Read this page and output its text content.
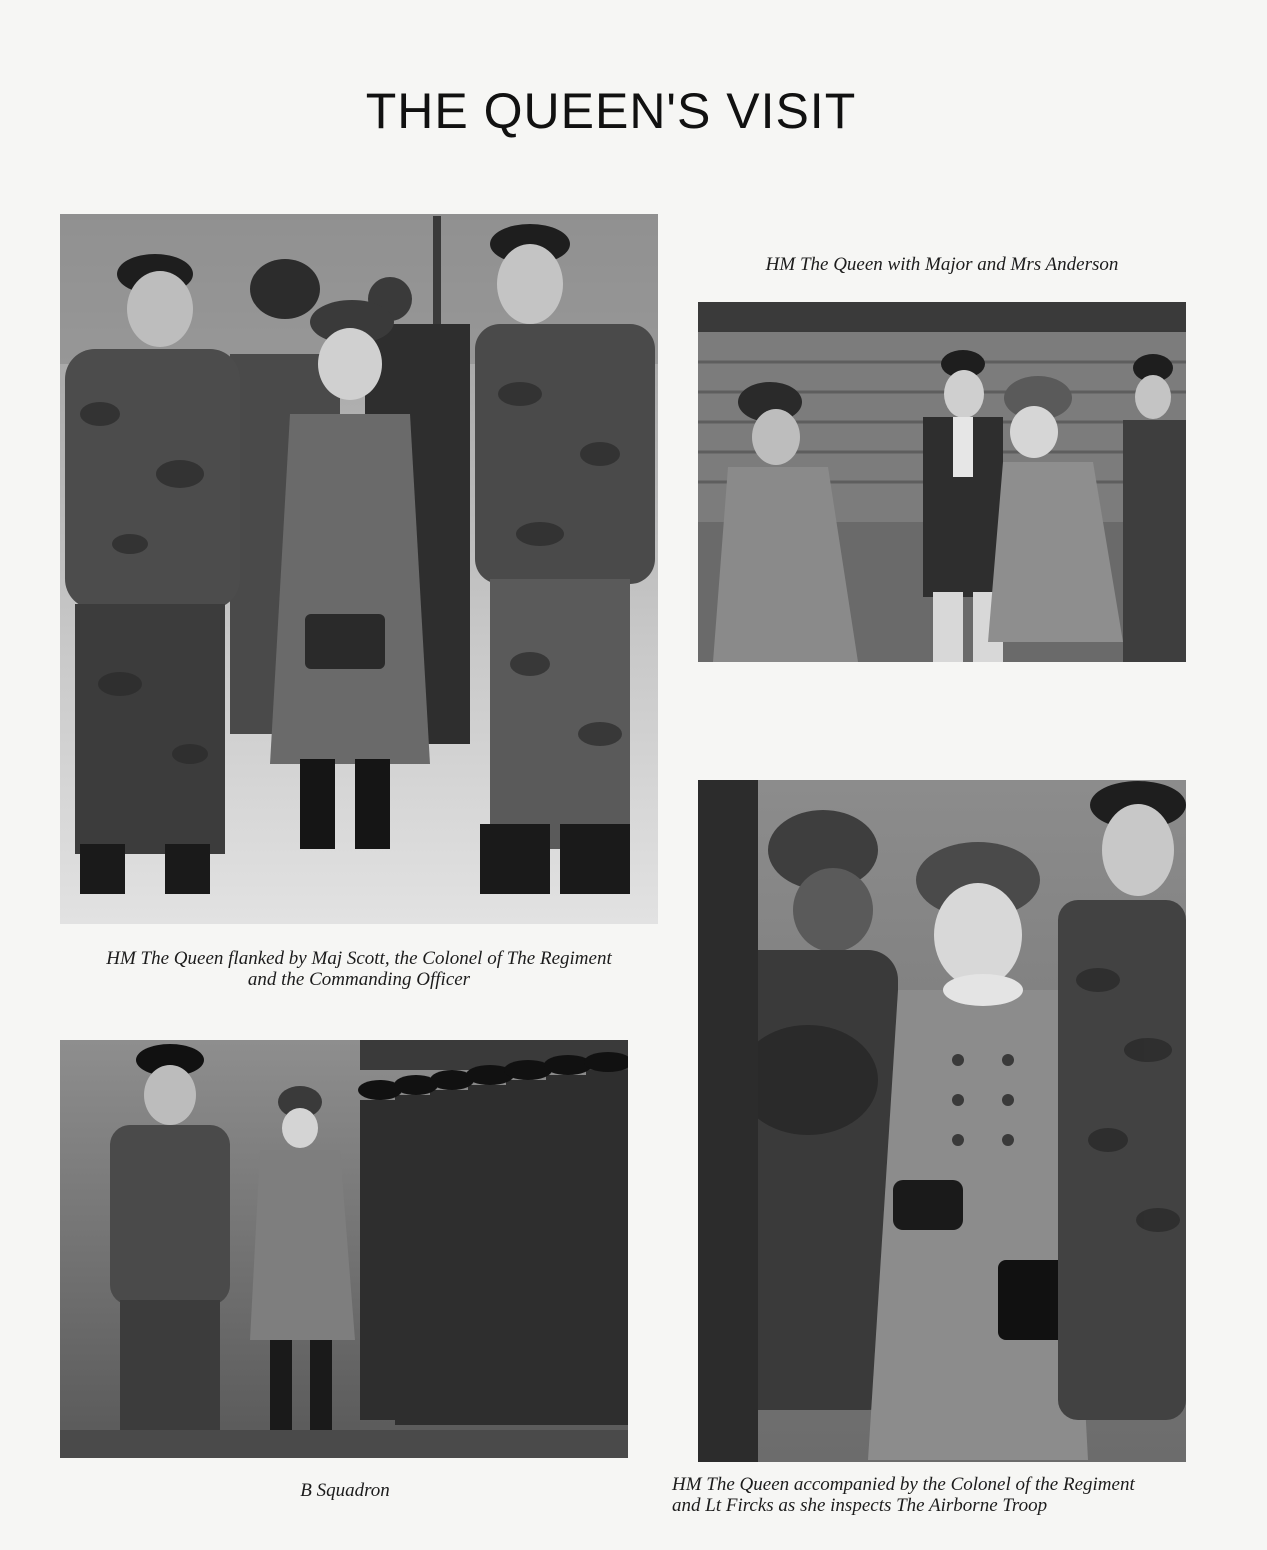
THE QUEEN'S VISIT
HM The Queen flanked by Maj Scott, the Colonel of The Regiment
and the Commanding Officer
HM The Queen with Major and Mrs Anderson
B Squadron	HM The Queen accompanied by the Colonel of the Regiment
and Lt Fircks as she inspects The Airborne Troop
